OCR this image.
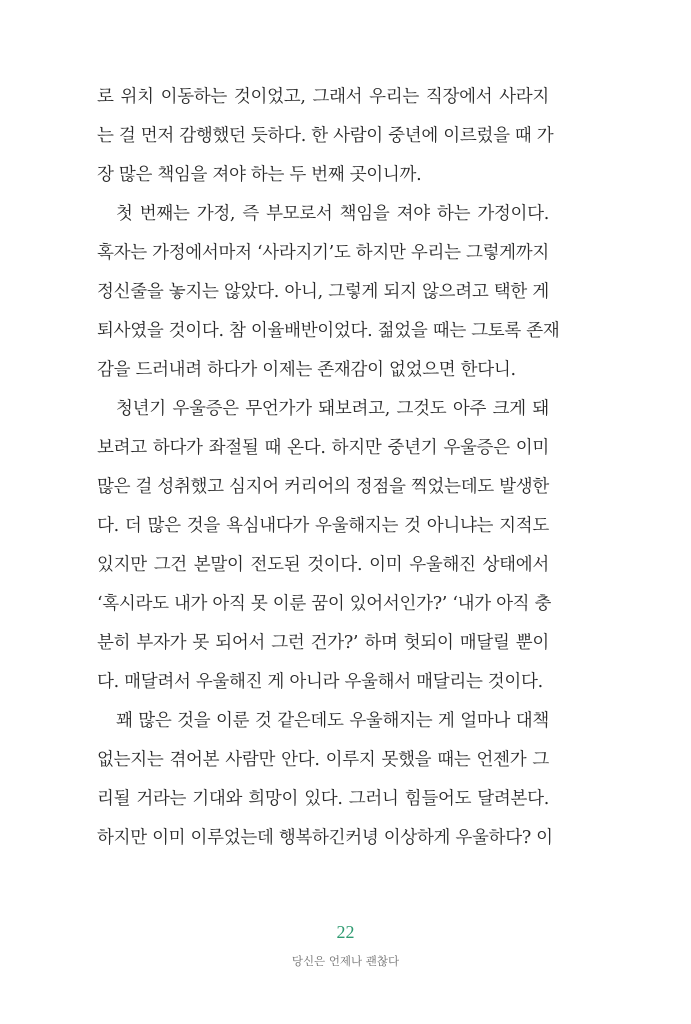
로 위치 이동하는 것이었고, 그래서 우리는 직장에서 사라지
는 걸 먼저 감행했던 듯하다. 한 사람이 중년에 이르렀을 때 가
장 많은 책임을 져야 하는 두 번째 곳이니까.
첫 번째는 가정, 즉 부모로서 책임을 져야 하는 가정이다.
혹자는 가정에서마저 ‘사라지기’도 하지만 우리는 그렇게까지
정신줄을 놓지는 않았다. 아니, 그렇게 되지 않으려고 택한 게
퇴사였을 것이다. 참 이율배반이었다. 젊었을 때는 그토록 존재
감을 드러내려 하다가 이제는 존재감이 없었으면 한다니.
청년기 우울증은 무언가가 돼보려고, 그것도 아주 크게 돼
보려고 하다가 좌절될 때 온다. 하지만 중년기 우울증은 이미
많은 걸 성취했고 심지어 커리어의 정점을 찍었는데도 발생한
다. 더 많은 것을 욕심내다가 우울해지는 것 아니냐는 지적도
있지만 그건 본말이 전도된 것이다. 이미 우울해진 상태에서
‘혹시라도 내가 아직 못 이룬 꿈이 있어서인가?’ ‘내가 아직 충
분히 부자가 못 되어서 그런 건가?’ 하며 헛되이 매달릴 뿐이
다. 매달려서 우울해진 게 아니라 우울해서 매달리는 것이다.
꽤 많은 것을 이룬 것 같은데도 우울해지는 게 얼마나 대책
없는지는 겪어본 사람만 안다. 이루지 못했을 때는 언젠가 그
리될 거라는 기대와 희망이 있다. 그러니 힘들어도 달려본다.
하지만 이미 이루었는데 행복하긴커녕 이상하게 우울하다? 이
22
당신은 언제나 괜찮다
